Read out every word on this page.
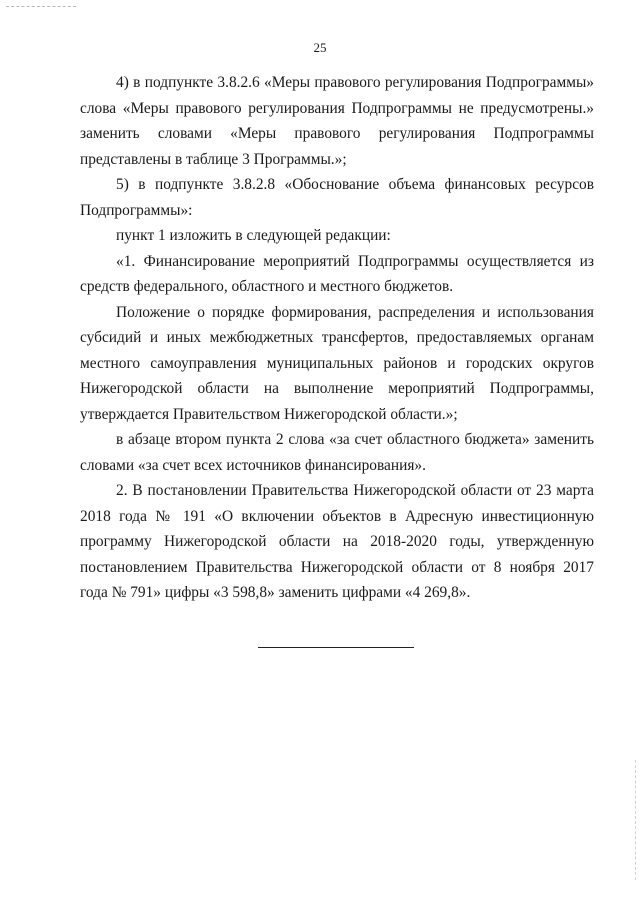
25

4) в подпункте 3.8.2.6 «Меры правового регулирования Подпрограммы» слова «Меры правового регулирования Подпрограммы не предусмотрены.» заменить словами «Меры правового регулирования Подпрограммы представлены в таблице 3 Программы.»;

5) в подпункте 3.8.2.8 «Обоснование объема финансовых ресурсов Подпрограммы»:

пункт 1 изложить в следующей редакции:

«1. Финансирование мероприятий Подпрограммы осуществляется из средств федерального, областного и местного бюджетов.

Положение о порядке формирования, распределения и использования субсидий и иных межбюджетных трансфертов, предоставляемых органам местного самоуправления муниципальных районов и городских округов Нижегородской области на выполнение мероприятий Подпрограммы, утверждается Правительством Нижегородской области.»;

в абзаце втором пункта 2 слова «за счет областного бюджета» заменить словами «за счет всех источников финансирования».

2. В постановлении Правительства Нижегородской области от 23 марта 2018 года № 191 «О включении объектов в Адресную инвестиционную программу Нижегородской области на 2018-2020 годы, утвержденную постановлением Правительства Нижегородской области от 8 ноября 2017 года № 791» цифры «3 598,8» заменить цифрами «4 269,8».
